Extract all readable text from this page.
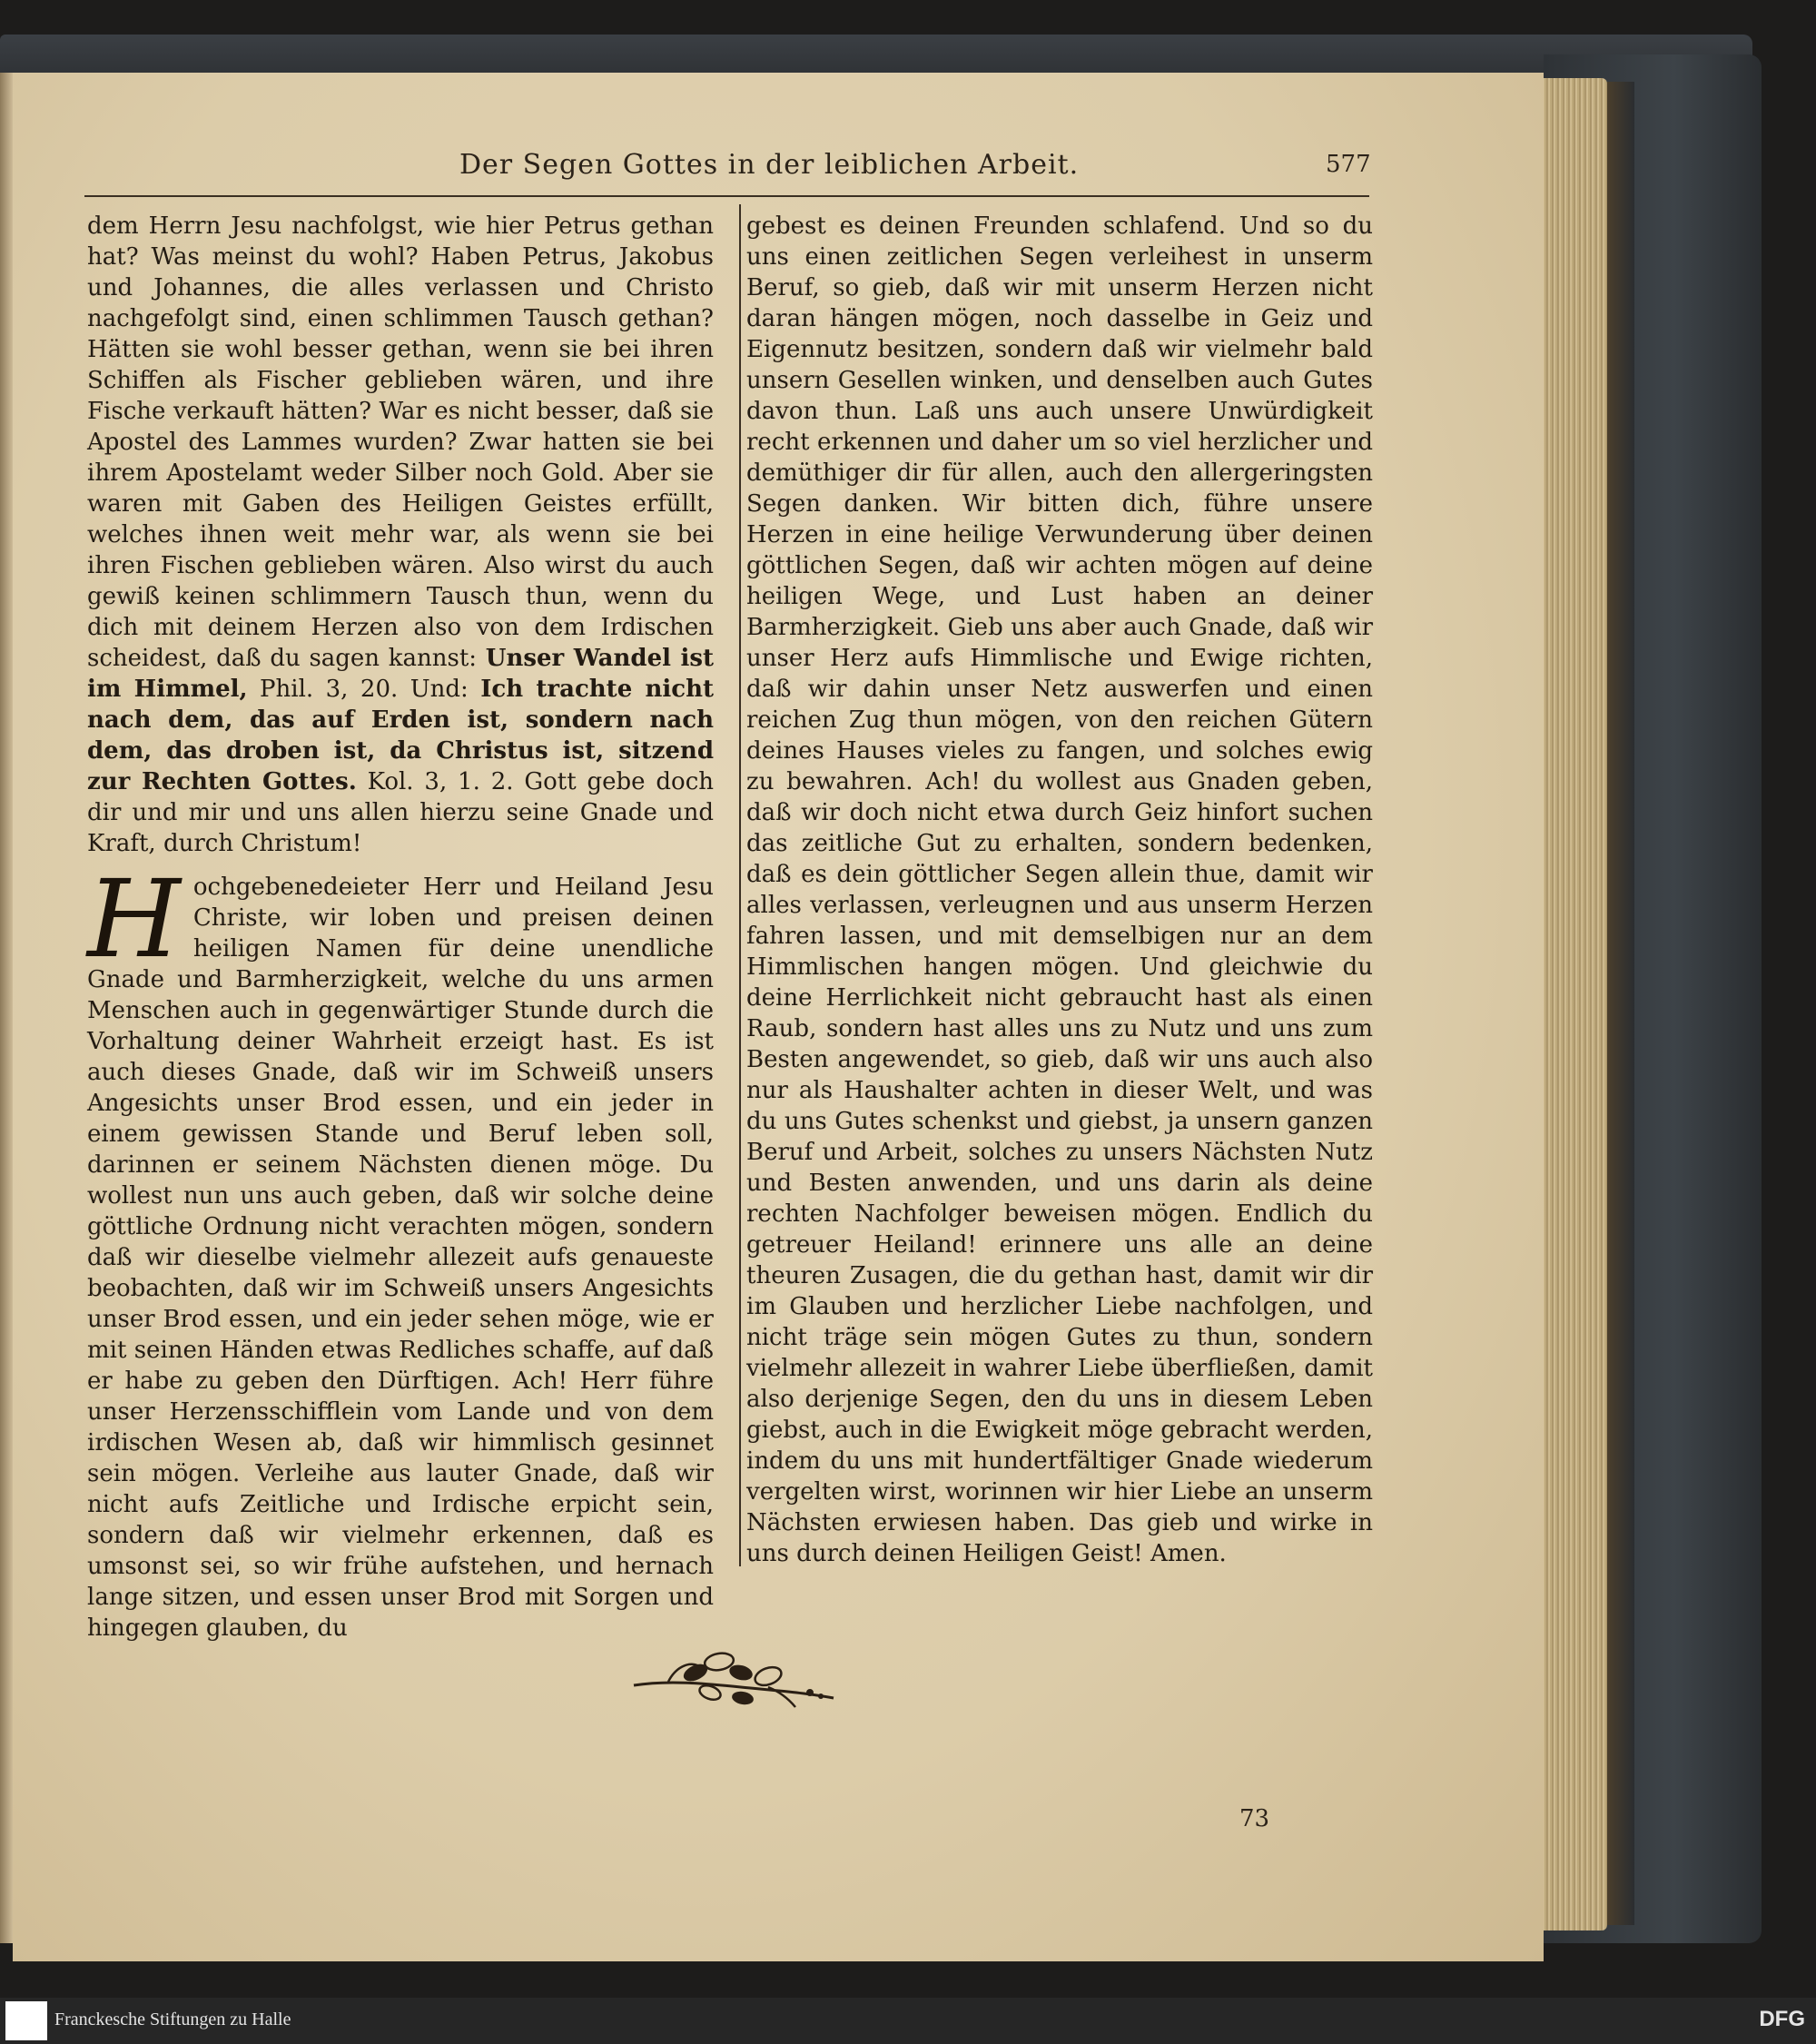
Der Segen Gottes in der leiblichen Arbeit.	577

dem Herrn Jesu nachfolgst, wie hier Petrus gethan hat? Was meinst du wohl? Haben Petrus, Jakobus und Johannes, die alles verlassen und Christo nachgefolgt sind, einen schlimmen Tausch gethan? Hätten sie wohl besser gethan, wenn sie bei ihren Schiffen als Fischer geblieben wären, und ihre Fische verkauft hätten? War es nicht besser, daß sie Apostel des Lammes wurden? Zwar hatten sie bei ihrem Apostelamt weder Silber noch Gold. Aber sie waren mit Gaben des Heiligen Geistes erfüllt, welches ihnen weit mehr war, als wenn sie bei ihren Fischen geblieben wären. Also wirst du auch gewiß keinen schlimmern Tausch thun, wenn du dich mit deinem Herzen also von dem Irdischen scheidest, daß du sagen kannst: Unser Wandel ist im Himmel, Phil. 3, 20. Und: Ich trachte nicht nach dem, das auf Erden ist, sondern nach dem, das droben ist, da Christus ist, sitzend zur Rechten Gottes. Kol. 3, 1. 2. Gott gebe doch dir und mir und uns allen hierzu seine Gnade und Kraft, durch Christum!

Hochgebenedeieter Herr und Heiland Jesu Christe, wir loben und preisen deinen heiligen Namen für deine unendliche Gnade und Barmherzigkeit, welche du uns armen Menschen auch in gegenwärtiger Stunde durch die Vorhaltung deiner Wahrheit erzeigt hast. Es ist auch dieses Gnade, daß wir im Schweiß unsers Angesichts unser Brod essen, und ein jeder in einem gewissen Stande und Beruf leben soll, darinnen er seinem Nächsten dienen möge. Du wollest nun uns auch geben, daß wir solche deine göttliche Ordnung nicht verachten mögen, sondern daß wir dieselbe vielmehr allezeit aufs genaueste beobachten, daß wir im Schweiß unsers Angesichts unser Brod essen, und ein jeder sehen möge, wie er mit seinen Händen etwas Redliches schaffe, auf daß er habe zu geben den Dürftigen. Ach! Herr führe unser Herzensschifflein vom Lande und von dem irdischen Wesen ab, daß wir himmlisch gesinnet sein mögen. Verleihe aus lauter Gnade, daß wir nicht aufs Zeitliche und Irdische erpicht sein, sondern daß wir vielmehr erkennen, daß es umsonst sei, so wir frühe aufstehen, und hernach lange sitzen, und essen unser Brod mit Sorgen und hingegen glauben, du

gebest es deinen Freunden schlafend. Und so du uns einen zeitlichen Segen verleihest in unserm Beruf, so gieb, daß wir mit unserm Herzen nicht daran hängen mögen, noch dasselbe in Geiz und Eigennutz besitzen, sondern daß wir vielmehr bald unsern Gesellen winken, und denselben auch Gutes davon thun. Laß uns auch unsere Unwürdigkeit recht erkennen und daher um so viel herzlicher und demüthiger dir für allen, auch den allergeringsten Segen danken. Wir bitten dich, führe unsere Herzen in eine heilige Verwunderung über deinen göttlichen Segen, daß wir achten mögen auf deine heiligen Wege, und Lust haben an deiner Barmherzigkeit. Gieb uns aber auch Gnade, daß wir unser Herz aufs Himmlische und Ewige richten, daß wir dahin unser Netz auswerfen und einen reichen Zug thun mögen, von den reichen Gütern deines Hauses vieles zu fangen, und solches ewig zu bewahren. Ach! du wollest aus Gnaden geben, daß wir doch nicht etwa durch Geiz hinfort suchen das zeitliche Gut zu erhalten, sondern bedenken, daß es dein göttlicher Segen allein thue, damit wir alles verlassen, verleugnen und aus unserm Herzen fahren lassen, und mit demselbigen nur an dem Himmlischen hangen mögen. Und gleichwie du deine Herrlichkeit nicht gebraucht hast als einen Raub, sondern hast alles uns zu Nutz und uns zum Besten angewendet, so gieb, daß wir uns auch also nur als Haushalter achten in dieser Welt, und was du uns Gutes schenkst und giebst, ja unsern ganzen Beruf und Arbeit, solches zu unsers Nächsten Nutz und Besten anwenden, und uns darin als deine rechten Nachfolger beweisen mögen. Endlich du getreuer Heiland! erinnere uns alle an deine theuren Zusagen, die du gethan hast, damit wir dir im Glauben und herzlicher Liebe nachfolgen, und nicht träge sein mögen Gutes zu thun, sondern vielmehr allezeit in wahrer Liebe überfließen, damit also derjenige Segen, den du uns in diesem Leben giebst, auch in die Ewigkeit möge gebracht werden, indem du uns mit hundertfältiger Gnade wiederum vergelten wirst, worinnen wir hier Liebe an unserm Nächsten erwiesen haben. Das gieb und wirke in uns durch deinen Heiligen Geist! Amen.

73
Franckesche Stiftungen zu Halle	DFG
